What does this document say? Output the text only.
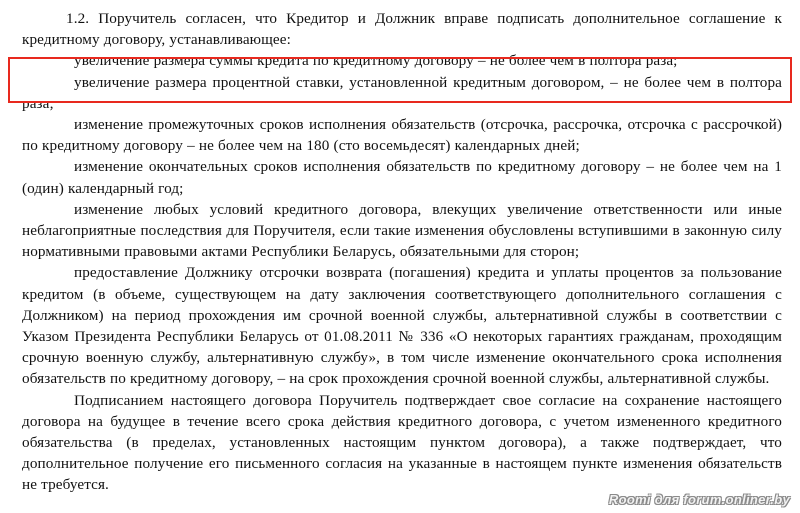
1.2. Поручитель согласен, что Кредитор и Должник вправе подписать дополнительное соглашение к кредитному договору, устанавливающее:

увеличение размера суммы кредита по кредитному договору – не более чем в полтора раза;

увеличение размера процентной ставки, установленной кредитным договором, – не более чем в полтора раза;

изменение промежуточных сроков исполнения обязательств (отсрочка, рассрочка, отсрочка с рассрочкой) по кредитному договору – не более чем на 180 (сто восемьдесят) календарных дней;

изменение окончательных сроков исполнения обязательств по кредитному договору – не более чем на 1 (один) календарный год;

изменение любых условий кредитного договора, влекущих увеличение ответственности или иные неблагоприятные последствия для Поручителя, если такие изменения обусловлены вступившими в законную силу нормативными правовыми актами Республики Беларусь, обязательными для сторон;

предоставление Должнику отсрочки возврата (погашения) кредита и уплаты процентов за пользование кредитом (в объеме, существующем на дату заключения соответствующего дополнительного соглашения с Должником) на период прохождения им срочной военной службы, альтернативной службы в соответствии с Указом Президента Республики Беларусь от 01.08.2011 № 336 «О некоторых гарантиях гражданам, проходящим срочную военную службу, альтернативную службу», в том числе изменение окончательного срока исполнения обязательств по кредитному договору, – на срок прохождения срочной военной службы, альтернативной службы.

Подписанием настоящего договора Поручитель подтверждает свое согласие на сохранение настоящего договора на будущее в течение всего срока действия кредитного договора, с учетом измененного кредитного обязательства (в пределах, установленных настоящим пунктом договора), а также подтверждает, что дополнительное получение его письменного согласия на указанные в настоящем пункте изменения обязательств не требуется.

Roomi для forum.onliner.by
